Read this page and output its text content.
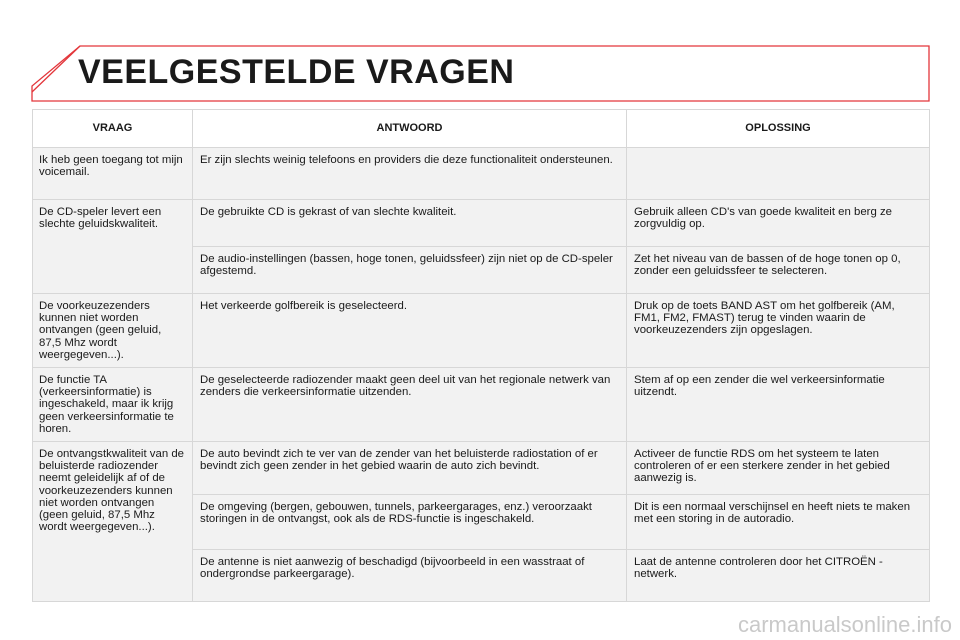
VEELGESTELDE VRAGEN
VRAAG	ANTWOORD	OPLOSSING
Ik heb geen toegang tot mijn voicemail.	Er zijn slechts weinig telefoons en providers die deze functionaliteit ondersteunen.	
De CD-speler levert een slechte geluidskwaliteit.	De gebruikte CD is gekrast of van slechte kwaliteit.	Gebruik alleen CD's van goede kwaliteit en berg ze zorgvuldig op.
	De audio-instellingen (bassen, hoge tonen, geluidssfeer) zijn niet op de CD-speler afgestemd.	Zet het niveau van de bassen of de hoge tonen op 0, zonder een geluidssfeer te selecteren.
De voorkeuzezenders kunnen niet worden ontvangen (geen geluid, 87,5 Mhz wordt weergegeven...).	Het verkeerde golfbereik is geselecteerd.	Druk op de toets BAND AST om het golfbereik (AM, FM1, FM2, FMAST) terug te vinden waarin de voorkeuzezenders zijn opgeslagen.
De functie TA (verkeersinformatie) is ingeschakeld, maar ik krijg geen verkeersinformatie te horen.	De geselecteerde radiozender maakt geen deel uit van het regionale netwerk van zenders die verkeersinformatie uitzenden.	Stem af op een zender die wel verkeersinformatie uitzendt.
De ontvangstkwaliteit van de beluisterde radiozender neemt geleidelijk af of de voorkeuzezenders kunnen niet worden ontvangen (geen geluid, 87,5 Mhz wordt weergegeven...).	De auto bevindt zich te ver van de zender van het beluisterde radiostation of er bevindt zich geen zender in het gebied waarin de auto zich bevindt.	Activeer de functie RDS om het systeem te laten controleren of er een sterkere zender in het gebied aanwezig is.
	De omgeving (bergen, gebouwen, tunnels, parkeergarages, enz.) veroorzaakt storingen in de ontvangst, ook als de RDS-functie is ingeschakeld.	Dit is een normaal verschijnsel en heeft niets te maken met een storing in de autoradio.
	De antenne is niet aanwezig of beschadigd (bijvoorbeeld in een wasstraat of ondergrondse parkeergarage).	Laat de antenne controleren door het CITROËN -netwerk.
carmanualsonline.info
